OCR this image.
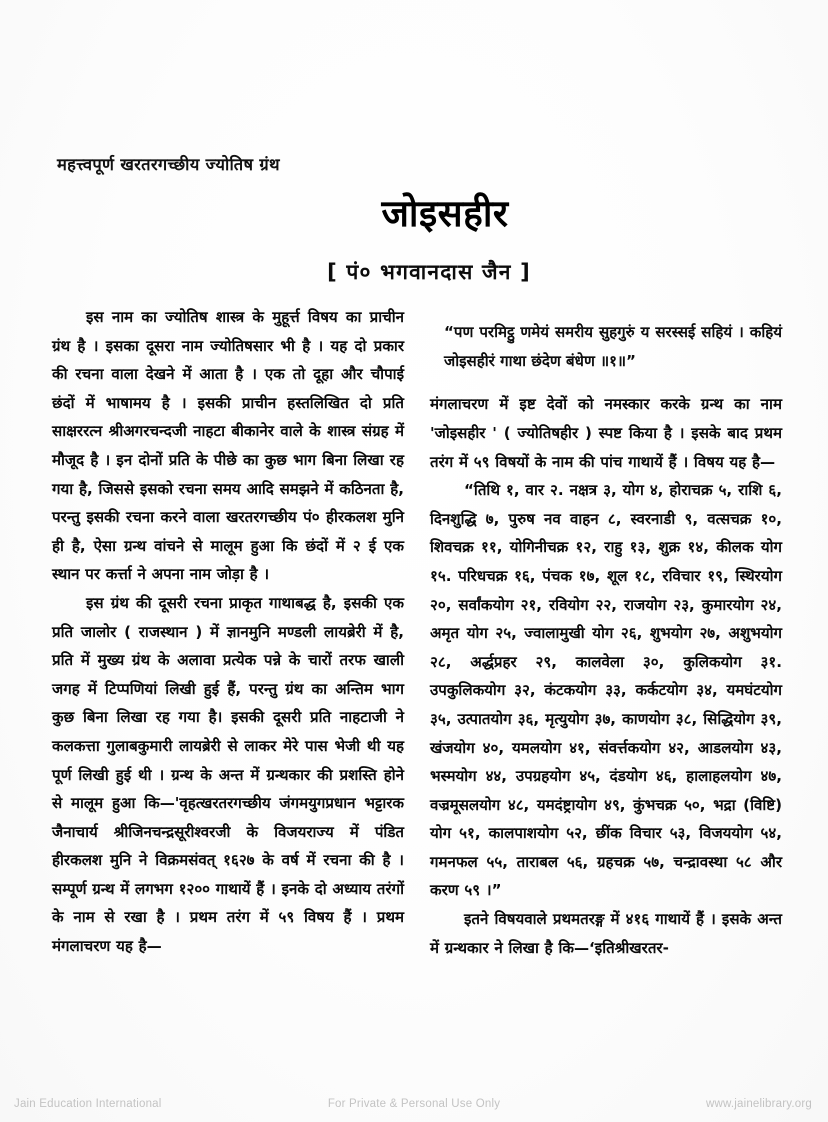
महत्त्वपूर्ण खरतरगच्छीय ज्योतिष ग्रंथ
जोइसहीर
[ पं० भगवानदास जैन ]

इस नाम का ज्योतिष शास्त्र के मुहूर्त्त विषय का प्राचीन ग्रंथ है । इसका दूसरा नाम ज्योतिषसार भी है । यह दो प्रकार की रचना वाला देखने में आता है । एक तो दूहा और चौपाई छंदों में भाषामय है । इसकी प्राचीन हस्तलिखित दो प्रति साक्षररत्न श्रीअगरचन्दजी नाहटा बीकानेर वाले के शास्त्र संग्रह में मौजूद है । इन दोनों प्रति के पीछे का कुछ भाग बिना लिखा रह गया है, जिससे इसको रचना समय आदि समझने में कठिनता है, परन्तु इसकी रचना करने वाला खरतरगच्छीय पं० हीरकलश मुनि ही है, ऐसा ग्रन्थ वांचने से मालूम हुआ कि छंदों में २ ई एक स्थान पर कर्त्ता ने अपना नाम जोड़ा है ।

इस ग्रंथ की दूसरी रचना प्राकृत गाथाबद्ध है, इसकी एक प्रति जालोर ( राजस्थान ) में ज्ञानमुनि मण्डली लायब्रेरी में है, प्रति में मुख्य ग्रंथ के अलावा प्रत्येक पन्ने के चारों तरफ खाली जगह में टिप्पणियां लिखी हुई हैं, परन्तु ग्रंथ का अन्तिम भाग कुछ बिना लिखा रह गया है। इसकी दूसरी प्रति नाहटाजी ने कलकत्ता गुलाबकुमारी लायब्रेरी से लाकर मेरे पास भेजी थी यह पूर्ण लिखी हुई थी । ग्रन्थ के अन्त में ग्रन्थकार की प्रशस्ति होने से मालूम हुआ कि—'वृहत्खरतरगच्छीय जंगमयुगप्रधान भट्टारक जैनाचार्य श्रीजिनचन्द्रसूरीश्वरजी के विजयराज्य में पंडित हीरकलश मुनि ने विक्रमसंवत् १६२७ के वर्ष में रचना की है । सम्पूर्ण ग्रन्थ में लगभग १२०० गाथायें हैं । इनके दो अध्याय तरंगों के नाम से रखा है । प्रथम तरंग में ५९ विषय हैं । प्रथम मंगलाचरण यह है—

“पण परमिट्ठु णमेयं समरीय सुहगुरुं य सरस्सई सहियं । कहियं जोइसहीरं गाथा छंदेण बंधेण ॥१॥”

मंगलाचरण में इष्ट देवों को नमस्कार करके ग्रन्थ का नाम 'जोइसहीर ' ( ज्योतिषहीर ) स्पष्ट किया है । इसके बाद प्रथम तरंग में ५९ विषयों के नाम की पांच गाथायें हैं । विषय यह है—

“तिथि १, वार २. नक्षत्र ३, योग ४, होराचक्र ५, राशि ६, दिनशुद्धि ७, पुरुष नव वाहन ८, स्वरनाडी ९, वत्सचक्र १०, शिवचक्र ११, योगिनीचक्र १२, राहु १३, शुक्र १४, कीलक योग १५. परिधचक्र १६, पंचक १७, शूल १८, रविचार १९, स्थिरयोग २०, सर्वांकयोग २१, रवियोग २२, राजयोग २३, कुमारयोग २४, अमृत योग २५, ज्वालामुखी योग २६, शुभयोग २७, अशुभयोग २८, अर्द्धप्रहर २९, कालवेला ३०, कुलिकयोग ३१. उपकुलिकयोग ३२, कंटकयोग ३३, कर्कटयोग ३४, यमघंटयोग ३५, उत्पातयोग ३६, मृत्युयोग ३७, काणयोग ३८, सिद्धियोग ३९, खंजयोग ४०, यमलयोग ४१, संवर्त्तकयोग ४२, आडलयोग ४३, भस्मयोग ४४, उपग्रहयोग ४५, दंडयोग ४६, हालाहलयोग ४७, वज्रमूसलयोग ४८, यमदंष्ट्रायोग ४९, कुंभचक्र ५०, भद्रा (विष्टि) योग ५१, कालपाशयोग ५२, छींक विचार ५३, विजययोग ५४, गमनफल ५५, ताराबल ५६, ग्रहचक्र ५७, चन्द्रावस्था ५८ और करण ५९ ।”

इतने विषयवाले प्रथमतरङ्ग में ४१६ गाथायें हैं । इसके अन्त में ग्रन्थकार ने लिखा है कि—‘इतिश्रीखरतर-

Jain Education International	For Private & Personal Use Only	www.jainelibrary.org
